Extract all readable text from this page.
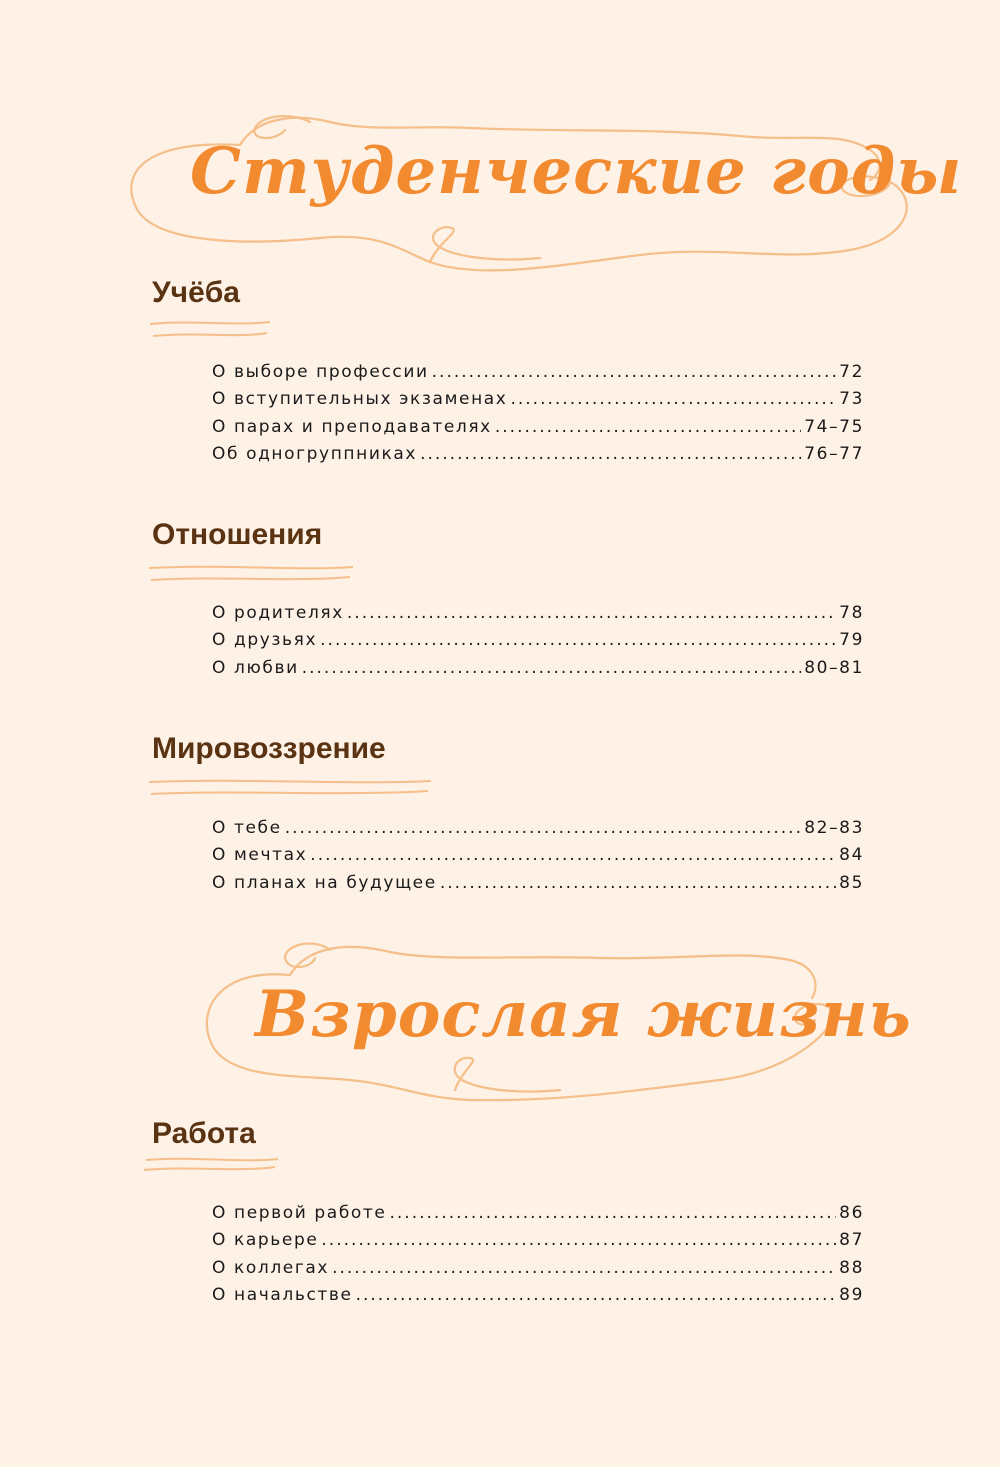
Студенческие годы
Учёба
О выборе профессии .....	72
О вступительных экзаменах .....	73
О парах и преподавателях .....	74–75
Об одногруппниках .....	76–77
Отношения
О родителях .....	78
О друзьях .....	79
О любви .....	80–81
Мировоззрение
О тебе .....	82–83
О мечтах .....	84
О планах на будущее .....	85
Взрослая жизнь
Работа
О первой работе .....	86
О карьере .....	87
О коллегах .....	88
О начальстве .....	89
